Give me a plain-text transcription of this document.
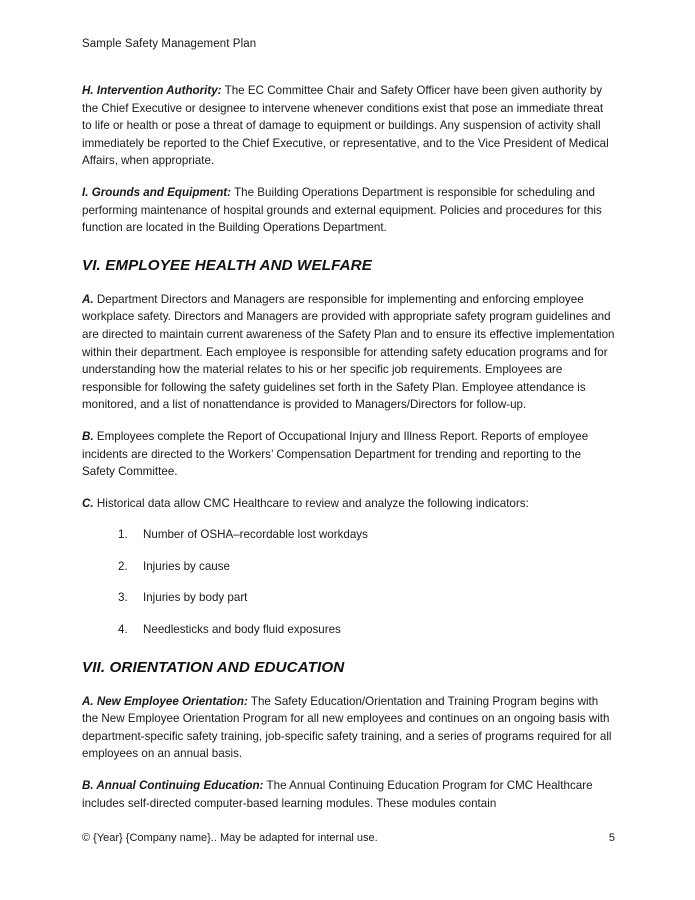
Sample Safety Management Plan

H. Intervention Authority: The EC Committee Chair and Safety Officer have been given authority by the Chief Executive or designee to intervene whenever conditions exist that pose an immediate threat to life or health or pose a threat of damage to equipment or buildings. Any suspension of activity shall immediately be reported to the Chief Executive, or representative, and to the Vice President of Medical Affairs, when appropriate.

I. Grounds and Equipment: The Building Operations Department is responsible for scheduling and performing maintenance of hospital grounds and external equipment. Policies and procedures for this function are located in the Building Operations Department.

VI. EMPLOYEE HEALTH AND WELFARE

A. Department Directors and Managers are responsible for implementing and enforcing employee workplace safety. Directors and Managers are provided with appropriate safety program guidelines and are directed to maintain current awareness of the Safety Plan and to ensure its effective implementation within their department. Each employee is responsible for attending safety education programs and for understanding how the material relates to his or her specific job requirements. Employees are responsible for following the safety guidelines set forth in the Safety Plan. Employee attendance is monitored, and a list of nonattendance is provided to Managers/Directors for follow-up.

B. Employees complete the Report of Occupational Injury and Illness Report. Reports of employee incidents are directed to the Workers’ Compensation Department for trending and reporting to the Safety Committee.

C. Historical data allow CMC Healthcare to review and analyze the following indicators:

1.	Number of OSHA–recordable lost workdays
2.	Injuries by cause
3.	Injuries by body part
4.	Needlesticks and body fluid exposures
VII. ORIENTATION AND EDUCATION

A. New Employee Orientation: The Safety Education/Orientation and Training Program begins with the New Employee Orientation Program for all new employees and continues on an ongoing basis with department-specific safety training, job-specific safety training, and a series of programs required for all employees on an annual basis.

B. Annual Continuing Education: The Annual Continuing Education Program for CMC Healthcare includes self-directed computer-based learning modules. These modules contain

© {Year} {Company name}.. May be adapted for internal use.	5
